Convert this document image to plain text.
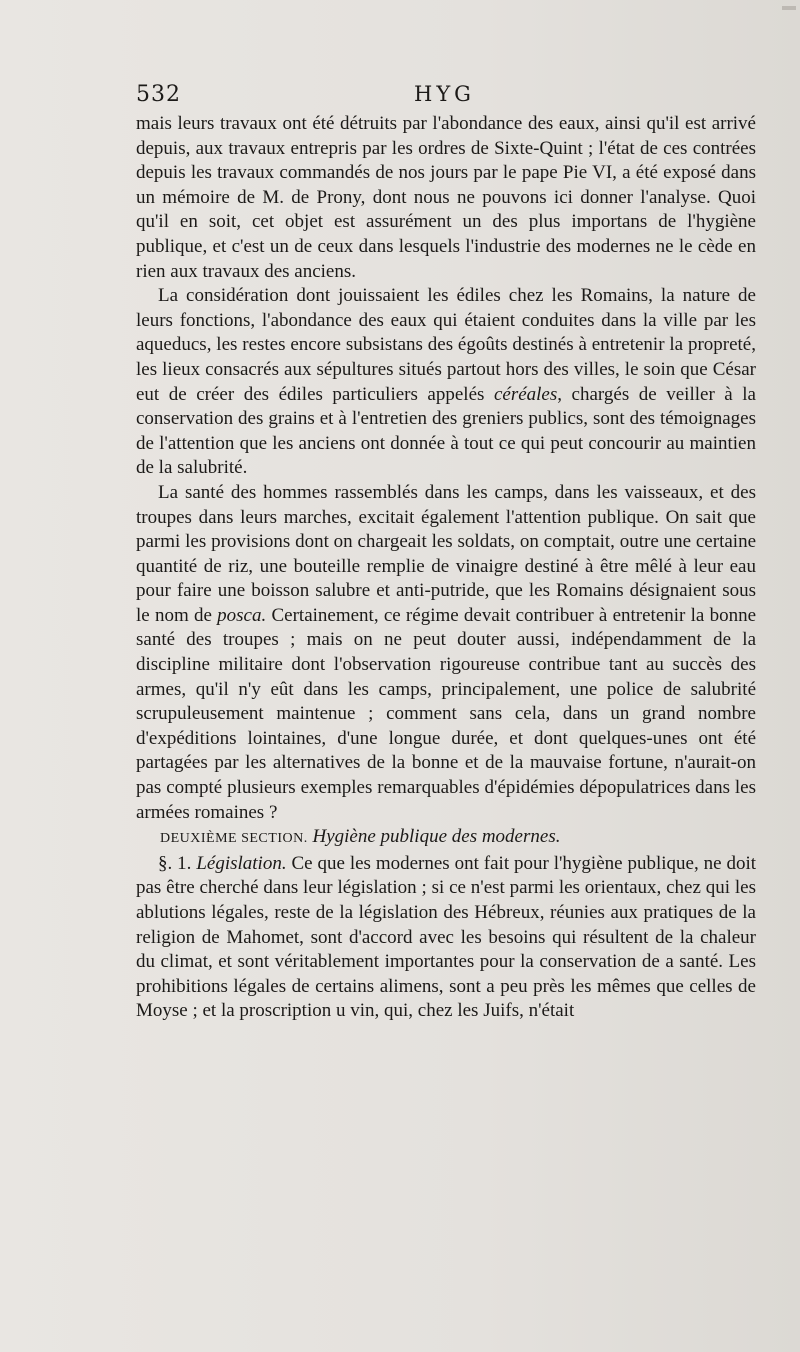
532	HYG

mais leurs travaux ont été détruits par l'abondance des eaux, ainsi qu'il est arrivé depuis, aux travaux entrepris par les ordres de Sixte-Quint ; l'état de ces contrées depuis les travaux commandés de nos jours par le pape Pie VI, a été exposé dans un mémoire de M. de Prony, dont nous ne pouvons ici donner l'analyse. Quoi qu'il en soit, cet objet est assurément un des plus importans de l'hygiène publique, et c'est un de ceux dans lesquels l'industrie des modernes ne le cède en rien aux travaux des anciens.

La considération dont jouissaient les édiles chez les Romains, la nature de leurs fonctions, l'abondance des eaux qui étaient conduites dans la ville par les aqueducs, les restes encore subsistans des égoûts destinés à entretenir la propreté, les lieux consacrés aux sépultures situés partout hors des villes, le soin que César eut de créer des édiles particuliers appelés céréales, chargés de veiller à la conservation des grains et à l'entretien des greniers publics, sont des témoignages de l'attention que les anciens ont donnée à tout ce qui peut concourir au maintien de la salubrité.

La santé des hommes rassemblés dans les camps, dans les vaisseaux, et des troupes dans leurs marches, excitait également l'attention publique. On sait que parmi les provisions dont on chargeait les soldats, on comptait, outre une certaine quantité de riz, une bouteille remplie de vinaigre destiné à être mêlé à leur eau pour faire une boisson salubre et anti-putride, que les Romains désignaient sous le nom de posca. Certainement, ce régime devait contribuer à entretenir la bonne santé des troupes ; mais on ne peut douter aussi, indépendamment de la discipline militaire dont l'observation rigoureuse contribue tant au succès des armes, qu'il n'y eût dans les camps, principalement, une police de salubrité scrupuleusement maintenue ; comment sans cela, dans un grand nombre d'expéditions lointaines, d'une longue durée, et dont quelques-unes ont été partagées par les alternatives de la bonne et de la mauvaise fortune, n'aurait-on pas compté plusieurs exemples remarquables d'épidémies dépopulatrices dans les armées romaines ?

DEUXIÈME SECTION. Hygiène publique des modernes.

§. 1. Législation. Ce que les modernes ont fait pour l'hygiène publique, ne doit pas être cherché dans leur législation ; si ce n'est parmi les orientaux, chez qui les ablutions légales, reste de la législation des Hébreux, réunies aux pratiques de la religion de Mahomet, sont d'accord avec les besoins qui résultent de la chaleur du climat, et sont véritablement importantes pour la conservation de a santé. Les prohibitions légales de certains alimens, sont a peu près les mêmes que celles de Moyse ; et la proscription u vin, qui, chez les Juifs, n'était
